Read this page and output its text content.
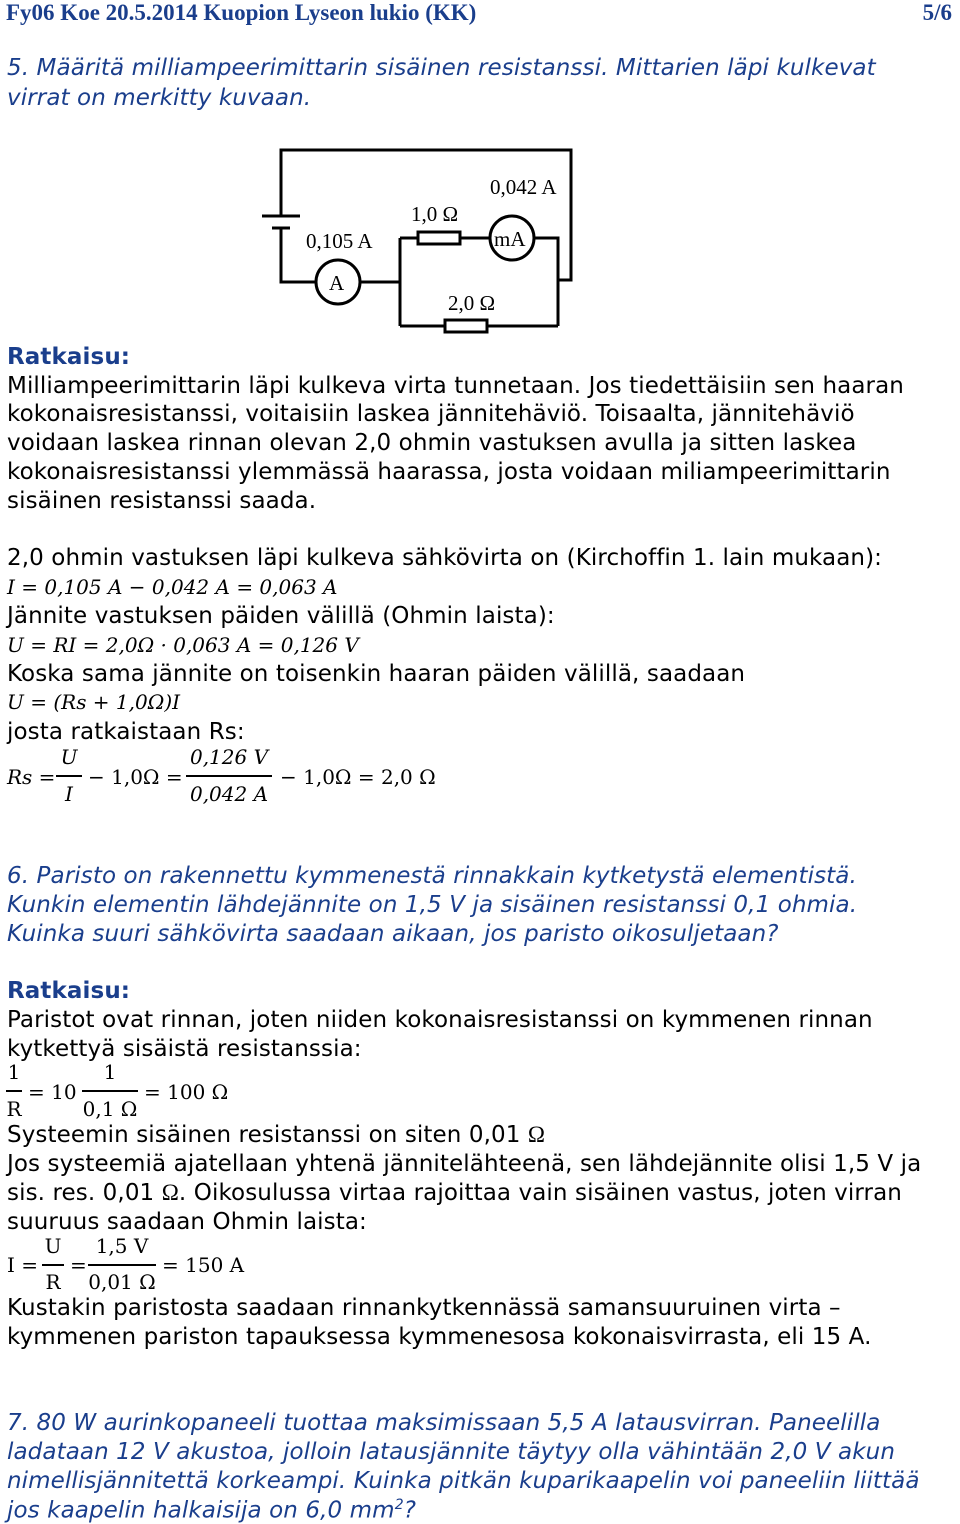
Fy06 Koe 20.5.2014 Kuopion Lyseon lukio (KK)	5/6
5. Määritä milliampeerimittarin sisäinen resistanssi. Mittarien läpi kulkevat
virrat on merkitty kuvaan.
0,105 A
A
1,0 Ω
0,042 A
mA
2,0 Ω
Ratkaisu:
Milliampeerimittarin läpi kulkeva virta tunnetaan. Jos tiedettäisiin sen haaran
kokonaisresistanssi, voitaisiin laskea jännitehäviö. Toisaalta, jännitehäviö
voidaan laskea rinnan olevan 2,0 ohmin vastuksen avulla ja sitten laskea
kokonaisresistanssi ylemmässä haarassa, josta voidaan miliampeerimittarin
sisäinen resistanssi saada.
2,0 ohmin vastuksen läpi kulkeva sähkövirta on (Kirchoffin 1. lain mukaan):
I = 0,105 A − 0,042 A = 0,063 A
Jännite vastuksen päiden välillä (Ohmin laista):
U = RI = 2,0Ω · 0,063 A = 0,126 V
Koska sama jännite on toisenkin haaran päiden välillä, saadaan
U = (Rs + 1,0Ω)I
josta ratkaistaan Rs:
Rs =
U
I
− 1,0Ω =
0,126 V
0,042 A
− 1,0Ω = 2,0 Ω
6. Paristo on rakennettu kymmenestä rinnakkain kytketystä elementistä.
Kunkin elementin lähdejännite on 1,5 V ja sisäinen resistanssi 0,1 ohmia.
Kuinka suuri sähkövirta saadaan aikaan, jos paristo oikosuljetaan?
Ratkaisu:
Paristot ovat rinnan, joten niiden kokonaisresistanssi on kymmenen rinnan
kytkettyä sisäistä resistanssia:
1
R
= 10
1
0,1 Ω
= 100 Ω
Systeemin sisäinen resistanssi on siten 0,01 Ω
Jos systeemiä ajatellaan yhtenä jännitelähteenä, sen lähdejännite olisi 1,5 V ja
sis. res. 0,01 Ω. Oikosulussa virtaa rajoittaa vain sisäinen vastus, joten virran
suuruus saadaan Ohmin laista:
I =
U
R
=
1,5 V
0,01 Ω
= 150 A
Kustakin paristosta saadaan rinnankytkennässä samansuuruinen virta –
kymmenen pariston tapauksessa kymmenesosa kokonaisvirrasta, eli 15 A.
7. 80 W aurinkopaneeli tuottaa maksimissaan 5,5 A latausvirran. Paneelilla
ladataan 12 V akustoa, jolloin latausjännite täytyy olla vähintään 2,0 V akun
nimellisjännitettä korkeampi. Kuinka pitkän kuparikaapelin voi paneeliin liittää
jos kaapelin halkaisija on 6,0 $mm^2$?
